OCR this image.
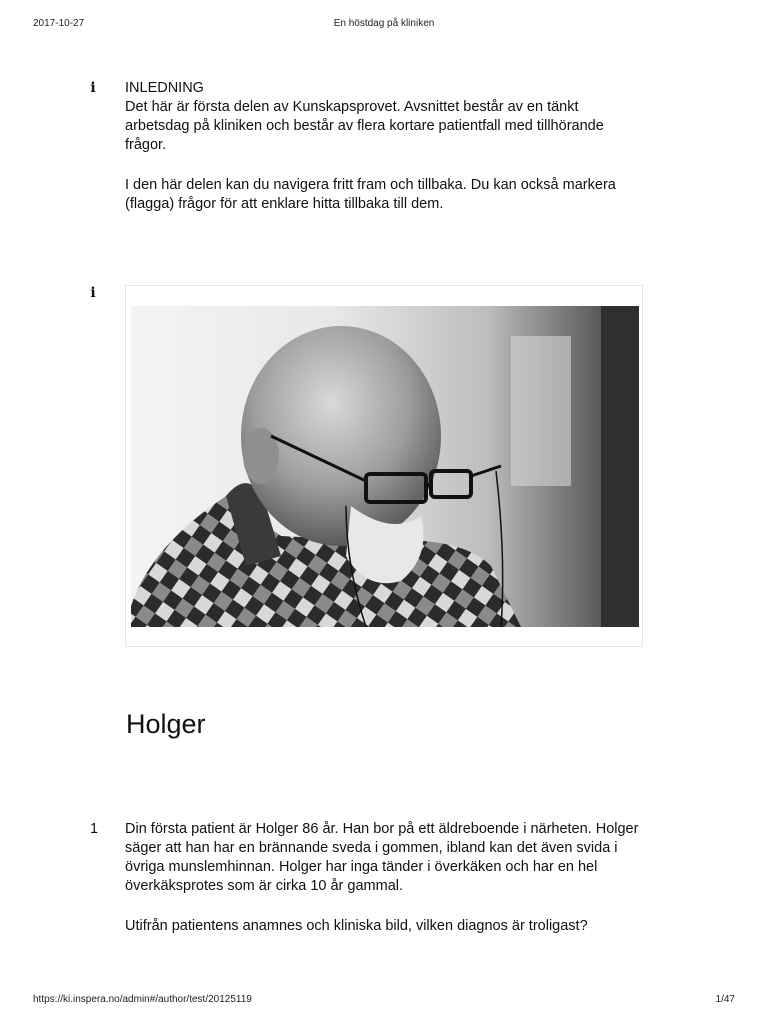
2017-10-27	En höstdag på kliniken
i INLEDNING

Det här är första delen av Kunskapsprovet. Avsnittet består av en tänkt arbetsdag på kliniken och består av flera kortare patientfall med tillhörande frågor.

I den här delen kan du navigera fritt fram och tillbaka. Du kan också markera (flagga) frågor för att enklare hitta tillbaka till dem.

i
Holger
1 Din första patient är Holger 86 år. Han bor på ett äldreboende i närheten. Holger säger att han har en brännande sveda i gommen, ibland kan det även svida i övriga munslemhinnan. Holger har inga tänder i överkäken och har en hel överkäksprotes som är cirka 10 år gammal.

Utifrån patientens anamnes och kliniska bild, vilken diagnos är troligast?

https://ki.inspera.no/admin#/author/test/20125119	1/47
